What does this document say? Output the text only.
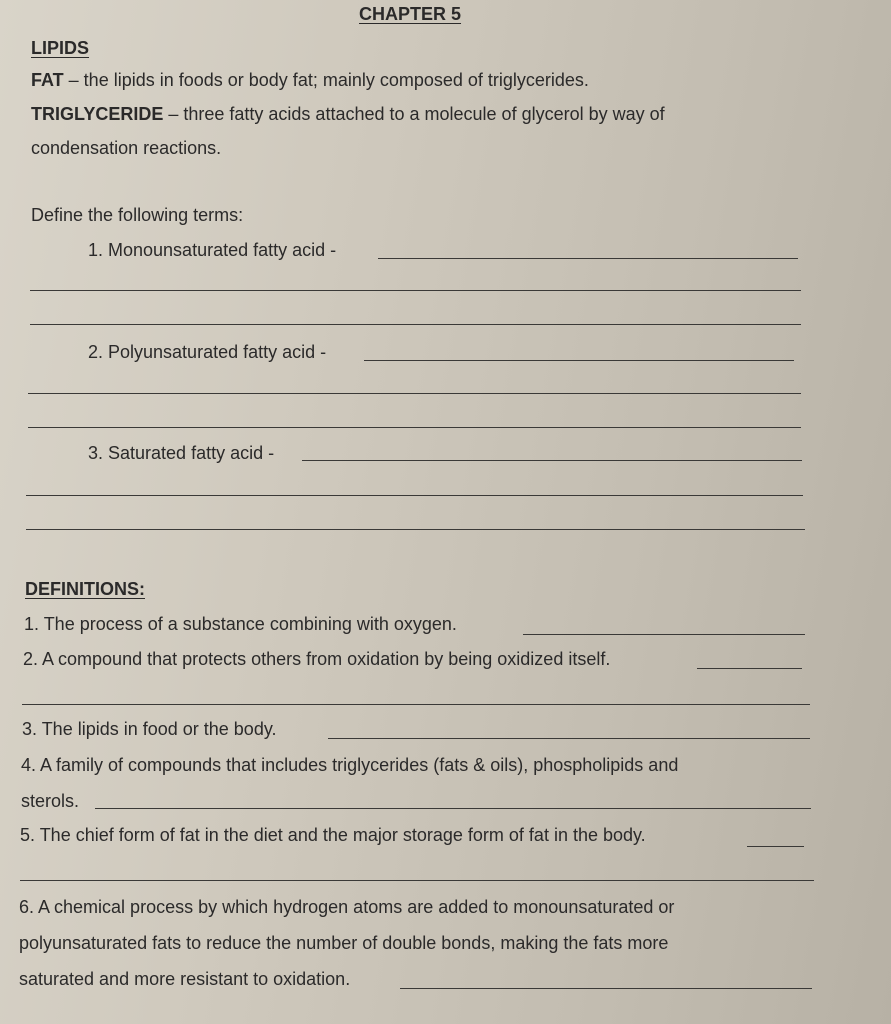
CHAPTER 5
LIPIDS
FAT – the lipids in foods or body fat; mainly composed of triglycerides.
TRIGLYCERIDE – three fatty acids attached to a molecule of glycerol by way of
condensation reactions.
Define the following terms:
1. Monounsaturated fatty acid -
2. Polyunsaturated fatty acid -
3. Saturated fatty acid -
DEFINITIONS:
1. The process of a substance combining with oxygen.
2. A compound that protects others from oxidation by being oxidized itself.
3. The lipids in food or the body.
4. A family of compounds that includes triglycerides (fats & oils), phospholipids and
sterols.
5. The chief form of fat in the diet and the major storage form of fat in the body.
6. A chemical process by which hydrogen atoms are added to monounsaturated or
polyunsaturated fats to reduce the number of double bonds, making the fats more
saturated and more resistant to oxidation.
